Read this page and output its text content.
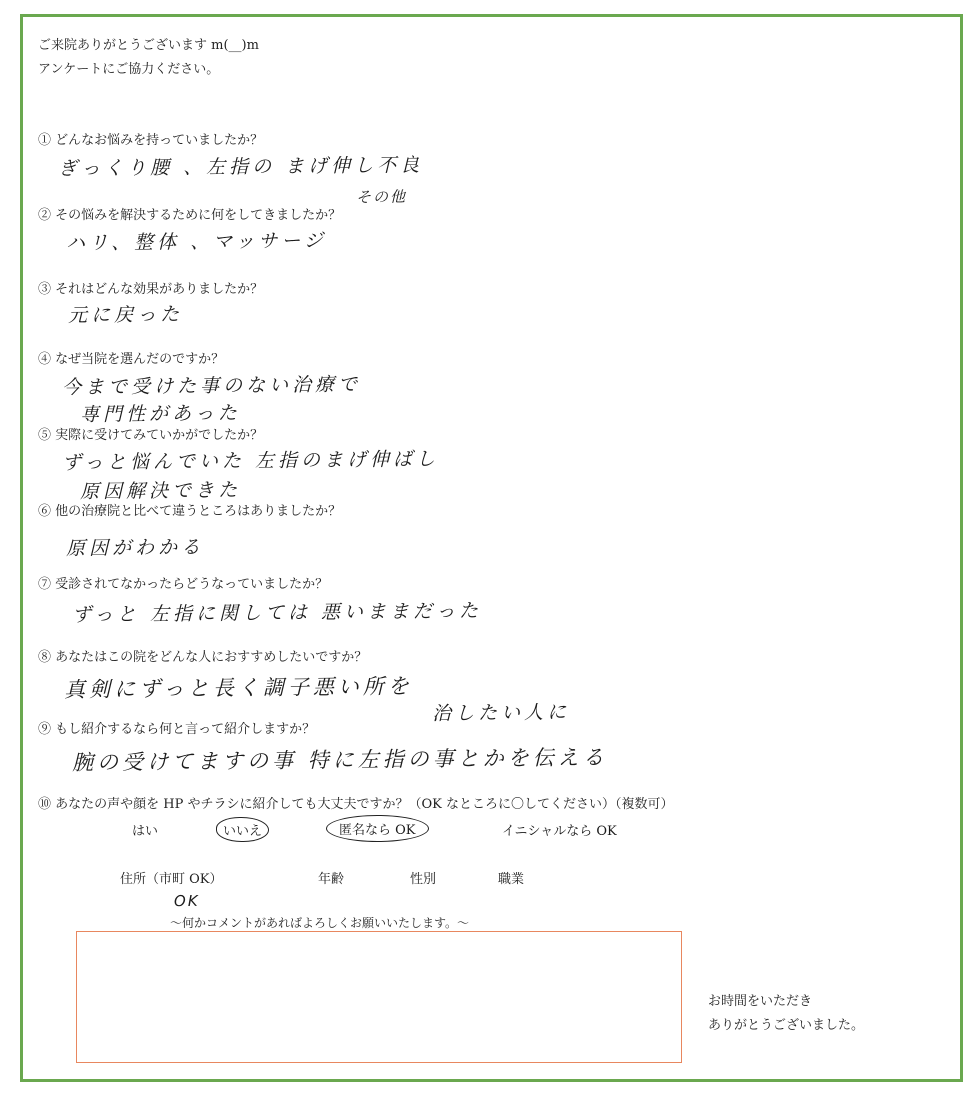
ご来院ありがとうございます m(__)m
アンケートにご協力ください。
① どんなお悩みを持っていましたか？
ぎっくり腰 、左指の まげ伸し不良
その他
② その悩みを解決するために何をしてきましたか？
ハリ、整体 、マッサージ
③ それはどんな効果がありましたか？
元に戻った
④ なぜ当院を選んだのですか？
今まで受けた事のない治療で
専門性があった
⑤ 実際に受けてみていかがでしたか？
ずっと悩んでいた 左指のまげ伸ばし
原因解決できた
⑥ 他の治療院と比べて違うところはありましたか？
原因がわかる
⑦ 受診されてなかったらどうなっていましたか？
ずっと 左指に関しては 悪いままだった
⑧ あなたはこの院をどんな人におすすめしたいですか？
真剣にずっと長く調子悪い所を
治したい人に
⑨ もし紹介するなら何と言って紹介しますか？
腕の受けてますの事 特に左指の事とかを伝える
⑩ あなたの声や顔を HP やチラシに紹介しても大丈夫ですか？（OK なところに〇してください）（複数可）
はい	いいえ	匿名なら OK	イニシャルなら OK
住所（市町 OK）	年齢	性別	職業
OK
～何かコメントがあればよろしくお願いいたします。～
お時間をいただき
ありがとうございました。
